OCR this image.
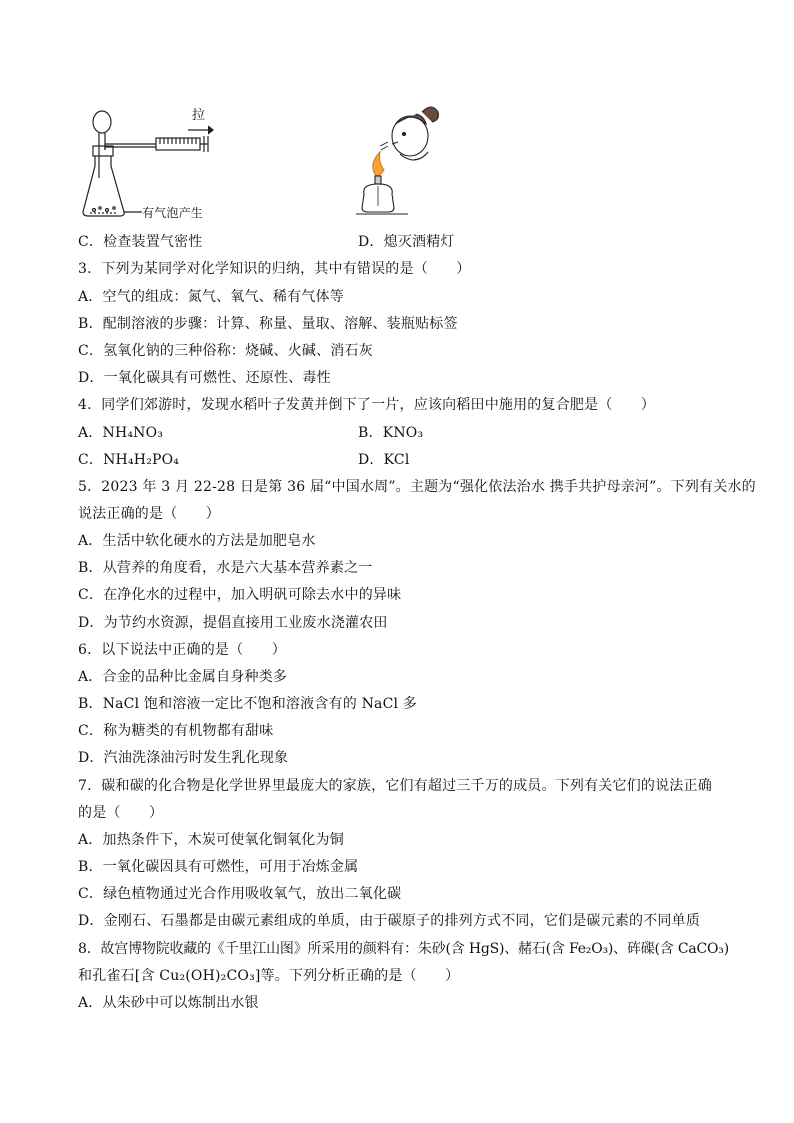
拉
有气泡产生
C．检查装置气密性	D．熄灭酒精灯
3．下列为某同学对化学知识的归纳，其中有错误的是（　　）
A．空气的组成：氮气、氧气、稀有气体等
B．配制溶液的步骤：计算、称量、量取、溶解、装瓶贴标签
C．氢氧化钠的三种俗称：烧碱、火碱、消石灰
D．一氧化碳具有可燃性、还原性、毒性
4．同学们郊游时，发现水稻叶子发黄并倒下了一片，应该向稻田中施用的复合肥是（　　）
A．NH₄NO₃	B．KNO₃
C．NH₄H₂PO₄	D．KCl
5．2023 年 3 月 22-28 日是第 36 届“中国水周”。主题为“强化依法治水 携手共护母亲河”。下列有关水的
说法正确的是（　　）
A．生活中软化硬水的方法是加肥皂水
B．从营养的角度看，水是六大基本营养素之一
C．在净化水的过程中，加入明矾可除去水中的异味
D．为节约水资源，提倡直接用工业废水浇灌农田
6．以下说法中正确的是（　　）
A．合金的品种比金属自身种类多
B．NaCl 饱和溶液一定比不饱和溶液含有的 NaCl 多
C．称为糖类的有机物都有甜味
D．汽油洗涤油污时发生乳化现象
7．碳和碳的化合物是化学世界里最庞大的家族，它们有超过三千万的成员。下列有关它们的说法正确
的是（　　）
A．加热条件下，木炭可使氧化铜氧化为铜
B．一氧化碳因具有可燃性，可用于冶炼金属
C．绿色植物通过光合作用吸收氧气，放出二氧化碳
D．金刚石、石墨都是由碳元素组成的单质，由于碳原子的排列方式不同，它们是碳元素的不同单质
8．故宫博物院收藏的《千里江山图》所采用的颜料有：朱砂(含 HgS)、赭石(含 Fe₂O₃)、砗磲(含 CaCO₃)
和孔雀石[含 Cu₂(OH)₂CO₃]等。下列分析正确的是（　　）
A．从朱砂中可以炼制出水银
